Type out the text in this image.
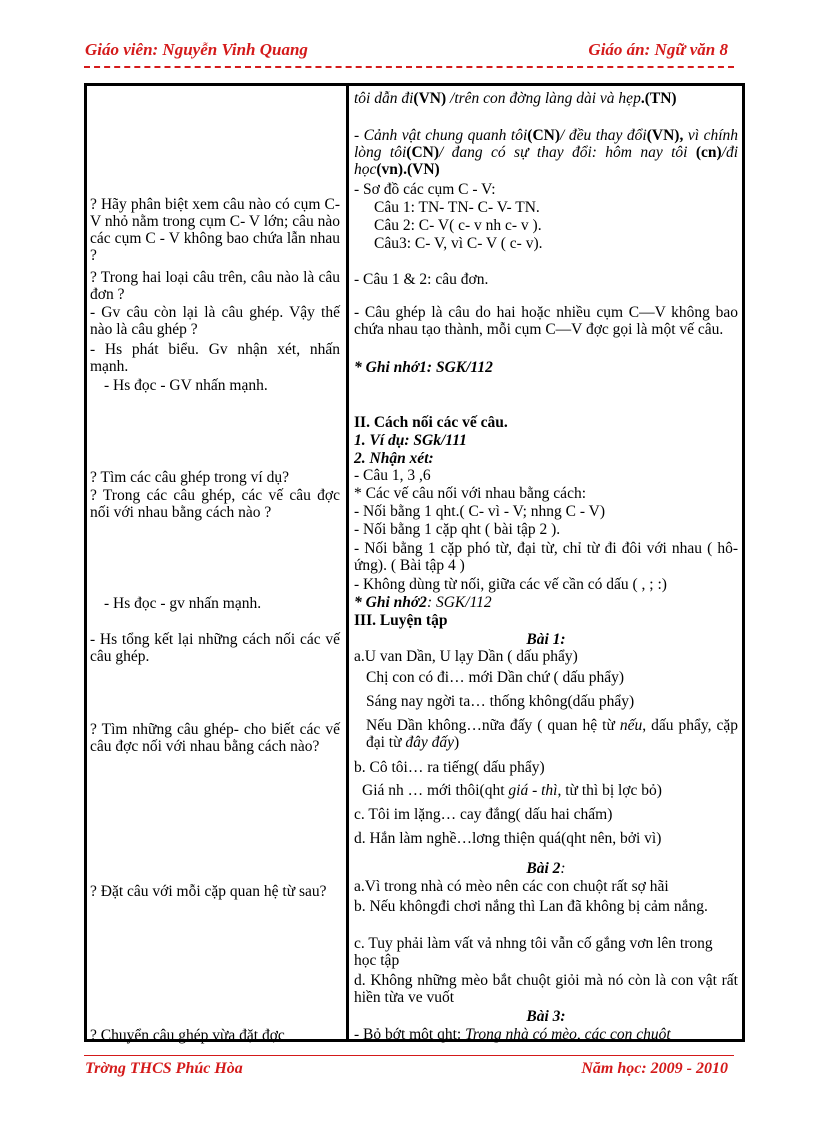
Giáo viên: Nguyễn Vinh Quang	Giáo án: Ngữ văn 8
? Hãy phân biệt xem câu nào có cụm C- V nhỏ nằm trong cụm C- V lớn; câu nào các cụm C - V không bao chứa lẫn nhau ?
? Trong hai loại câu trên, câu nào là câu đơn ?
- Gv câu còn lại là câu ghép. Vậy thế nào là câu ghép ?
- Hs phát biểu. Gv nhận xét, nhấn mạnh.
- Hs đọc - GV nhấn mạnh.
? Tìm các câu ghép trong ví dụ?
? Trong các câu ghép, các vế câu đợc nối với nhau bằng cách nào ?
- Hs đọc - gv nhấn mạnh.
- Hs tổng kết lại những cách nối các vế câu ghép.
? Tìm những câu ghép- cho biết các vế câu đợc nối với nhau bằng cách nào?
? Đặt câu với mỗi cặp quan hệ từ sau?
? Chuyển câu ghép vừa đặt đợc
tôi dẫn đi(VN) /trên con đờng làng dài và hẹp.(TN)
- Cảnh vật chung quanh tôi(CN)/ đều thay đổi(VN), vì chính lòng tôi(CN)/ đang có sự thay đổi: hôm nay tôi (cn)/đi học(vn).(VN)
- Sơ đồ các cụm C - V:
Câu 1: TN- TN- C- V- TN.
Câu 2: C- V( c- v nh c- v ).
Câu3: C- V, vì C- V ( c- v).
- Câu 1 & 2: câu đơn.
- Câu ghép là câu do hai hoặc nhiều cụm C—V không bao chứa nhau tạo thành, mỗi cụm C—V đợc gọi là một vế câu.
* Ghi nhớ1: SGK/112
II. Cách nối các vế câu.
1. Ví dụ: SGk/111
2. Nhận xét:
- Câu 1, 3 ,6
* Các vế câu nối với nhau bằng cách:
- Nối bằng 1 qht.( C- vì - V; nhng C - V)
- Nối bằng 1 cặp qht ( bài tập 2 ).
- Nối bằng 1 cặp phó từ, đại từ, chỉ từ đi đôi với nhau ( hô- ứng). ( Bài tập 4 )
- Không dùng từ nối, giữa các vế cần có dấu ( , ; :)
* Ghi nhớ2: SGK/112
III. Luyện tập
Bài 1:
a.U van Dần, U lạy Dần ( dấu phẩy)
Chị con có đi… mới Dần chứ ( dấu phẩy)
Sáng nay ngời ta… thống không(dấu phẩy)
Nếu Dần không…nữa đấy ( quan hệ từ nếu, dấu phẩy, cặp đại từ đây đấy)
b. Cô tôi… ra tiếng( dấu phẩy)
Giá nh … mới thôi(qht giá - thì, từ thì bị lợc bỏ)
c. Tôi im lặng… cay đắng( dấu hai chấm)
d. Hắn làm nghề…lơng thiện quá(qht nên, bởi vì)
Bài 2:
a.Vì trong nhà có mèo nên các con chuột rất sợ hãi
b. Nếu khôngđi chơi nắng thì Lan đã không bị cảm nắng.
c. Tuy phải làm vất vả nhng tôi vẫn cố gắng vơn lên trong học tập
d. Không những mèo bắt chuột giỏi mà nó còn là con vật rất hiền từa ve vuốt
Bài 3:
- Bỏ bớt một qht: Trong nhà có mèo, các con chuột
Trờng THCS Phúc Hòa	Năm học: 2009 - 2010
